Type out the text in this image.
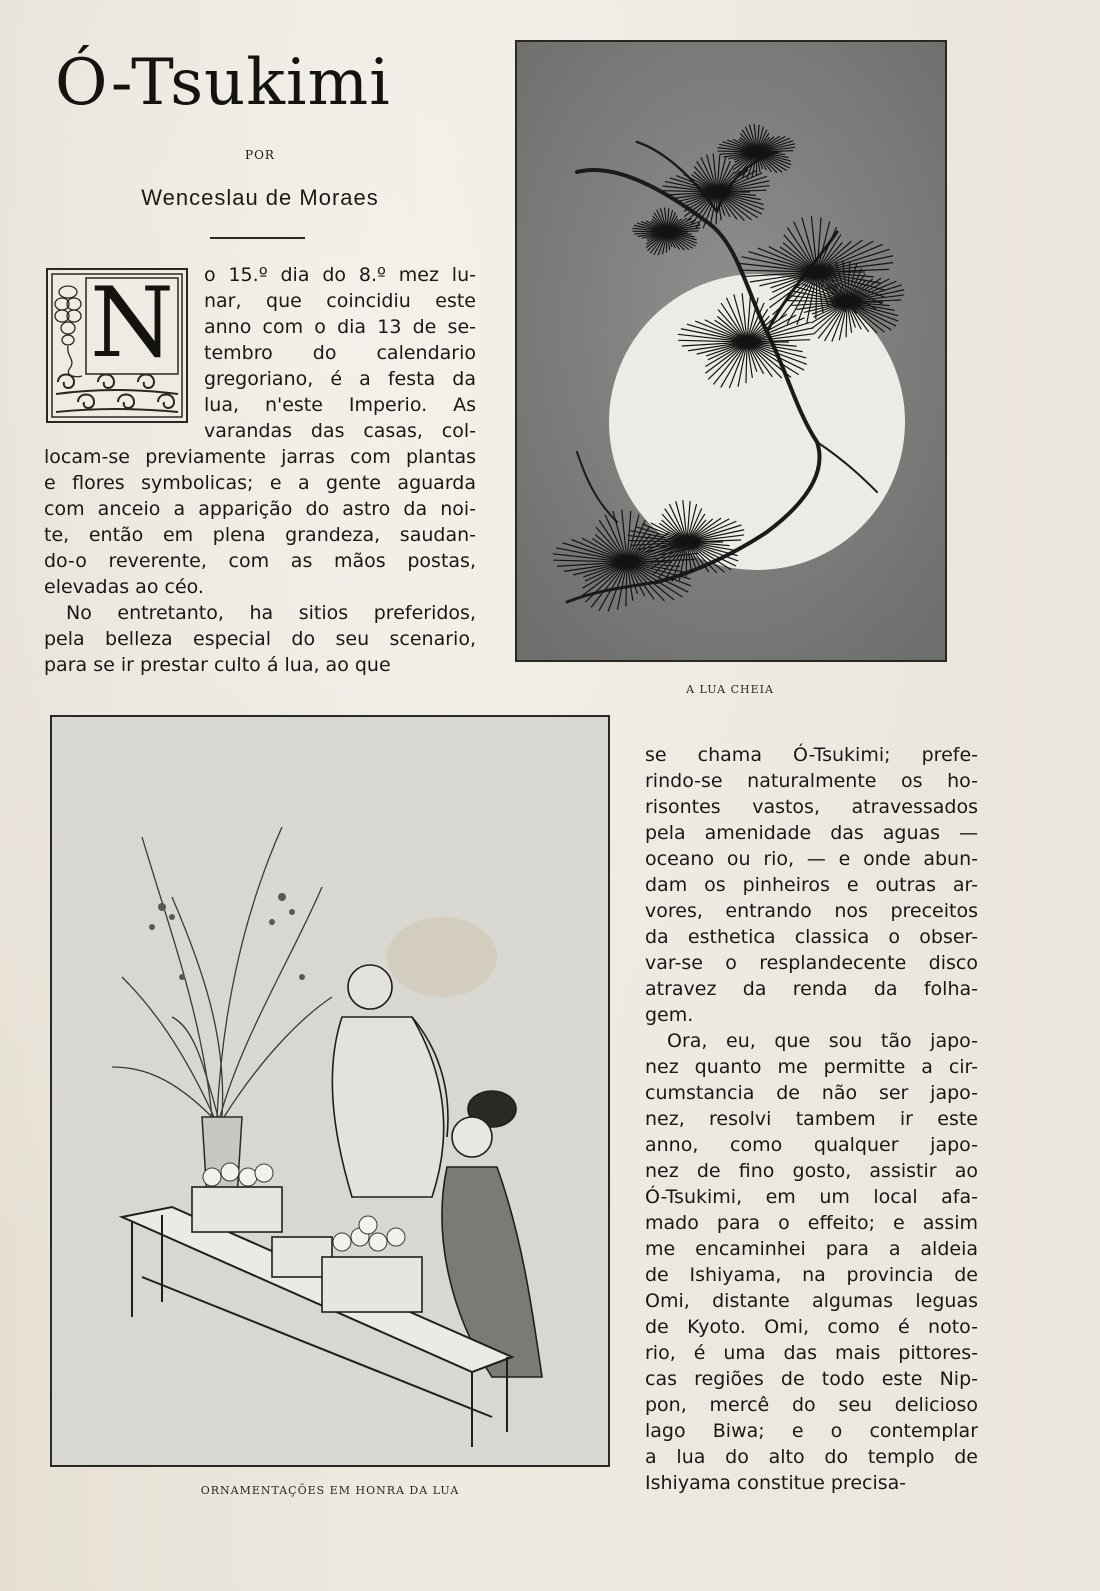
Ó-Tsukimi
POR
Wenceslau de Moraes
N	o 15.º dia do 8.º mez lu-
nar, que coincidiu este
anno com o dia 13 de se-
tembro do calendario
gregoriano, é a festa da
lua, n'este Imperio. As
varandas das casas, col-
locam-se previamente jarras com plantas
e flores symbolicas; e a gente aguarda
com anceio a apparição do astro da noi-
te, então em plena grandeza, saudan-
do-o reverente, com as mãos postas,
elevadas ao céo.
No entretanto, ha sitios preferidos,
pela belleza especial do seu scenario,
para se ir prestar culto á lua, ao que
A LUA CHEIA
ORNAMENTAÇÕES EM HONRA DA LUA
se chama Ó-Tsukimi; prefe-
rindo-se naturalmente os ho-
risontes vastos, atravessados
pela amenidade das aguas —
oceano ou rio, — e onde abun-
dam os pinheiros e outras ar-
vores, entrando nos preceitos
da esthetica classica o obser-
var-se o resplandecente disco
atravez da renda da folha-
gem.
Ora, eu, que sou tão japo-
nez quanto me permitte a cir-
cumstancia de não ser japo-
nez, resolvi tambem ir este
anno, como qualquer japo-
nez de fino gosto, assistir ao
Ó-Tsukimi, em um local afa-
mado para o effeito; e assim
me encaminhei para a aldeia
de Ishiyama, na provincia de
Omi, distante algumas leguas
de Kyoto. Omi, como é noto-
rio, é uma das mais pittores-
cas regiões de todo este Nip-
pon, mercê do seu delicioso
lago Biwa; e o contemplar
a lua do alto do templo de
Ishiyama constitue precisa-
